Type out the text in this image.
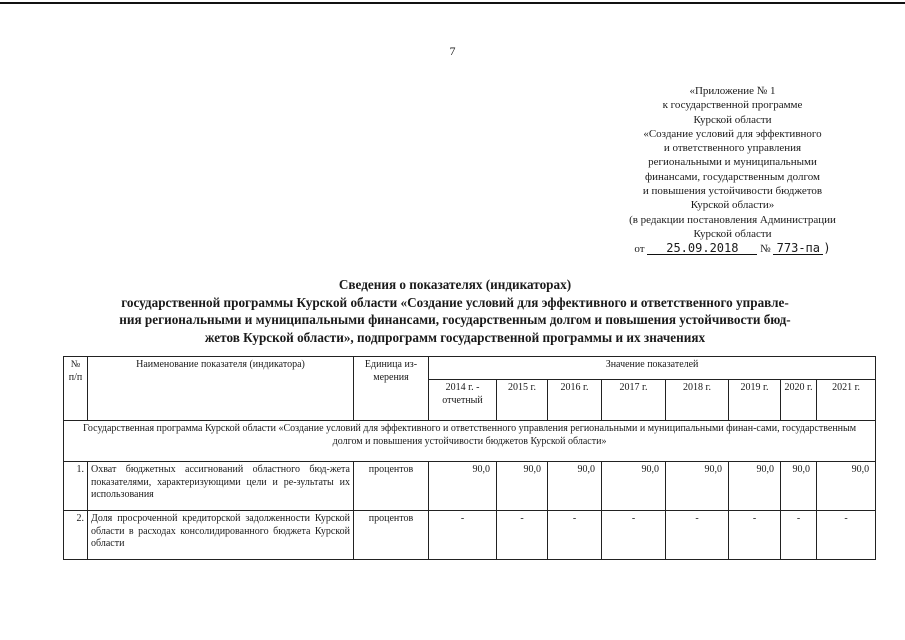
7
«Приложение № 1
к государственной программе
Курской области
«Создание условий для эффективного
и ответственного управления
региональными и муниципальными
финансами, государственным долгом
и повышения устойчивости бюджетов
Курской области»
(в редакции постановления Администрации
Курской области
от 25.09.2018 № 773-па )
Сведения о показателях (индикаторах)
государственной программы Курской области «Создание условий для эффективного и ответственного управле-
ния региональными и муниципальными финансами, государственным долгом и повышения устойчивости бюд-
жетов Курской области», подпрограмм государственной программы и их значениях
№ п/п	Наименование показателя (индикатора)	Единица из-мерения	Значение показателей							
			2014 г. - отчетный	2015 г.	2016 г.	2017 г.	2018 г.	2019 г.	2020 г.	2021 г.
Государственная программа Курской области «Создание условий для эффективного и ответственного управления региональными и муниципальными финан-сами, государственным долгом и повышения устойчивости бюджетов Курской области»										
1.	Охват бюджетных ассигнований областного бюд-жета показателями, характеризующими цели и ре-зультаты их использования	процентов	90,0	90,0	90,0	90,0	90,0	90,0	90,0	90,0
2.	Доля просроченной кредиторской задолженности Курской области в расходах консолидированного бюджета Курской области	процентов	-	-	-	-	-	-	-	-
